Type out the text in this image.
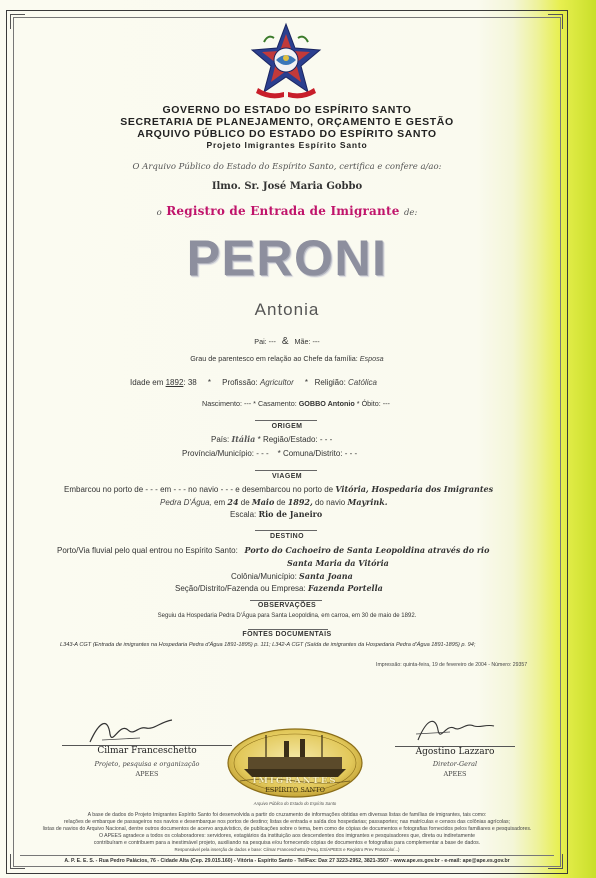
GOVERNO DO ESTADO DO ESPÍRITO SANTO
SECRETARIA DE PLANEJAMENTO, ORÇAMENTO E GESTÃO
ARQUIVO PÚBLICO DO ESTADO DO ESPÍRITO SANTO
Projeto Imigrantes Espírito Santo
O Arquivo Público do Estado do Espírito Santo, certifica e confere a/ao:
Ilmo. Sr. José Maria Gobbo
o Registro de Entrada de Imigrante de:
PERONI
Antonia
Pai: --- & Mãe: ---
Grau de parentesco em relação ao Chefe da família: Esposa
Idade em 1892: 38 * Profissão: Agricultor * Religião: Católica
Nascimento: --- * Casamento: GOBBO Antonio * Óbito: ---
ORIGEM
País: Itália * Região/Estado: - - -
Província/Município: - - - * Comuna/Distrito: - - -
VIAGEM
Embarcou no porto de - - - em - - - no navio - - - e desembarcou no porto de Vitória, Hospedaria dos Imigrantes
Pedra D'Água, em 24 de Maio de 1892, do navio Mayrink.
Escala: Rio de Janeiro
DESTINO
Porto/Via fluvial pelo qual entrou no Espírito Santo: Porto do Cachoeiro de Santa Leopoldina através do rio
Santa Maria da Vitória
Colônia/Município: Santa Joana
Seção/Distrito/Fazenda ou Empresa: Fazenda Portella
OBSERVAÇÕES
Seguiu da Hospedaria Pedra D'Água para Santa Leopoldina, em carroa, em 30 de maio de 1892.
FONTES DOCUMENTAIS
L343-A CGT (Entrada de imigrantes na Hospedaria Pedra d'Água 1891-1895) p. 111; L342-A CGT (Saída de imigrantes da Hospedaria Pedra d'Água 1891-1895) p. 94;
Impressão: quinta-feira, 19 de fevereiro de 2004 - Número: 29357
Cilmar Franceschetto
Projeto, pesquisa e organização
APEES
Agostino Lazzaro
Diretor-Geral
APEES
IMIGRANTES
ESPÍRITO SANTO
Arquivo Público do Estado do Espírito Santo
A base de dados do Projeto Imigrantes Espírito Santo foi desenvolvida a partir do cruzamento de informações obtidas em diversas listas de famílias de imigrantes, tais como:
relações de embarque de passageiros nos navios e desembarque nos portos de destino; listas de entrada e saída dos hospedarias; passaportes; nas matrículas e censos das colônias agrícolas;
listas de navios do Arquivo Nacional, dentre outros documentos de acervo arquivístico, de publicações sobre o tema, bem como de cópias de documentos e fotografias fornecidos pelos familiares e pesquisadores.
O APEES agradece a todos os colaboradores: servidores, estagiários da instituição aos descendentes dos imigrantes e pesquisadores que, direta ou indiretamente
contribuíram e contribuem para a inestimável projeto, auxiliando na pesquisa e/ou fornecendo cópias de documentos e fotografias para complementar a base de dados.
Responsável pela inserção de dados e base: Cilmar Franceschetto (Pesq. ES/APEES e Registro Prev Protocolo/...)
A. P. E. E. S. - Rua Pedro Palácios, 76 - Cidade Alta (Cep. 29.015.160) - Vitória - Espírito Santo - Tel/Fax: Dax 27 3223-2952, 3821-3507 - www.ape.es.gov.br - e-mail: ape@ape.es.gov.br
